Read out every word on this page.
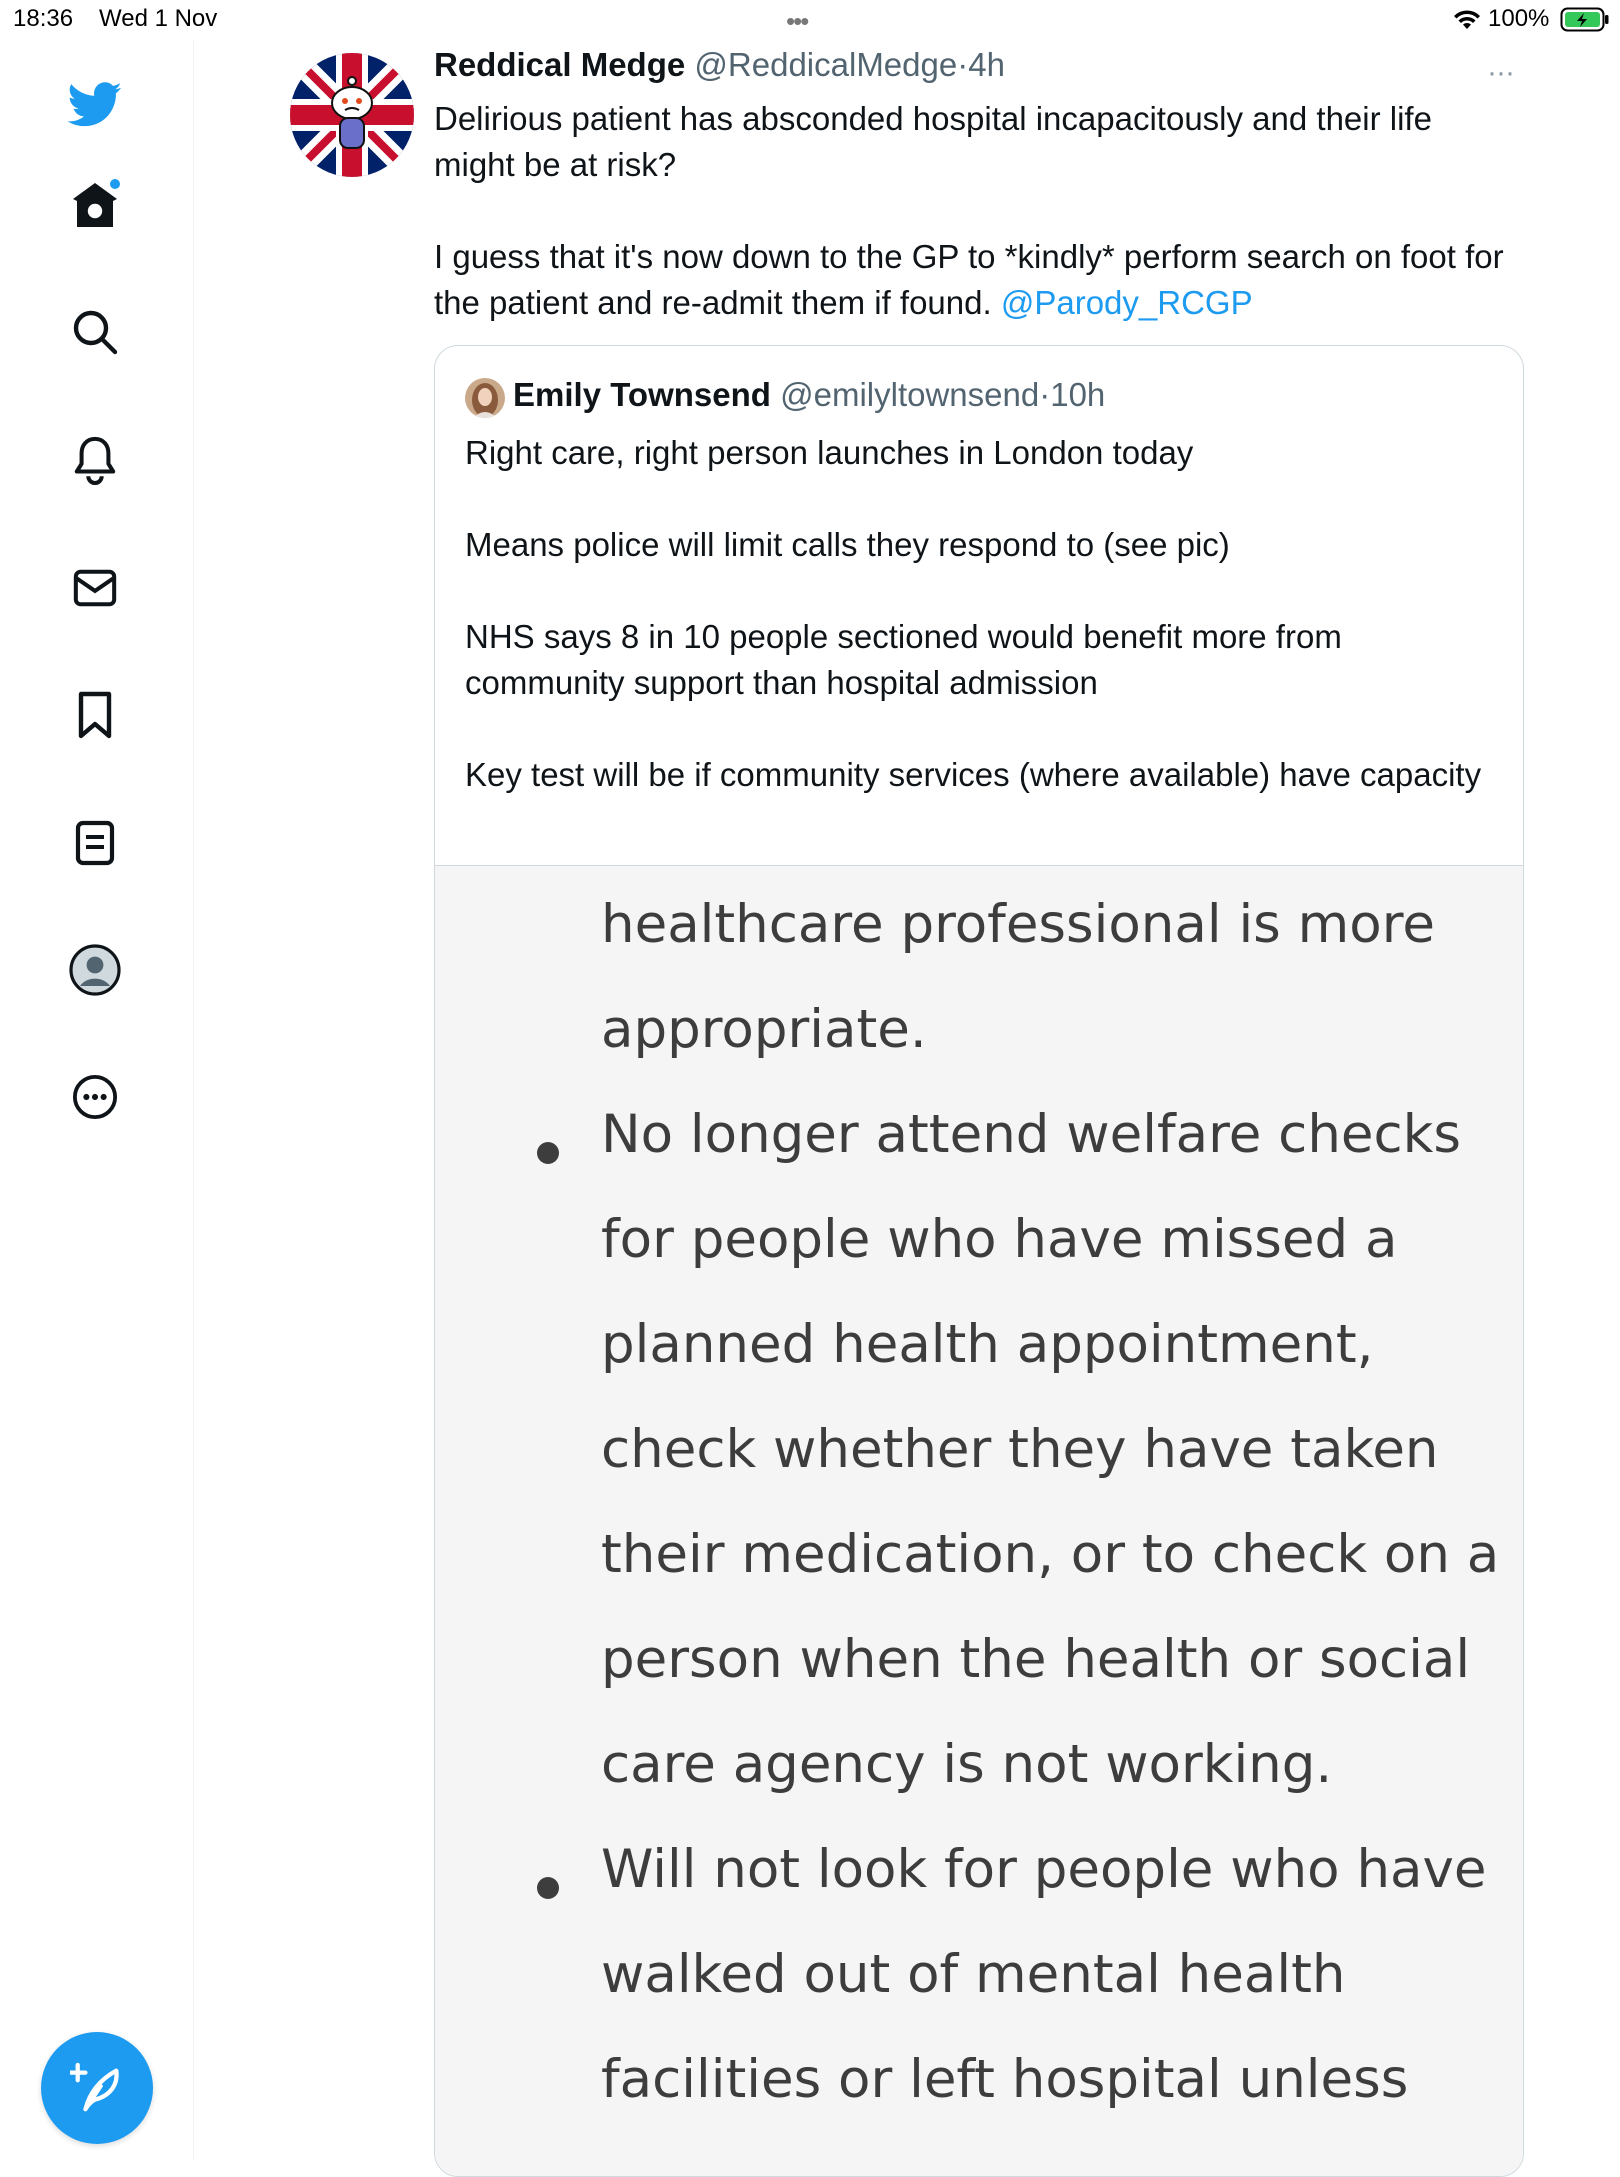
18:36 Wed 1 Nov	•••	100%
Reddical Medge @ReddicalMedge·4h	···

Delirious patient has absconded hospital incapacitously and their life might be at risk?

I guess that it's now down to the GP to *kindly* perform search on foot for the patient and re-admit them if found. @Parody_RCGP

Emily Townsend @emilyltownsend·10h

Right care, right person launches in London today

Means police will limit calls they respond to (see pic)

NHS says 8 in 10 people sectioned would benefit more from community support than hospital admission

Key test will be if community services (where available) have capacity

healthcare professional is more
appropriate.
No longer attend welfare checks
for people who have missed a
planned health appointment,
check whether they have taken
their medication, or to check on a
person when the health or social
care agency is not working.
Will not look for people who have
walked out of mental health
facilities or left hospital unless
